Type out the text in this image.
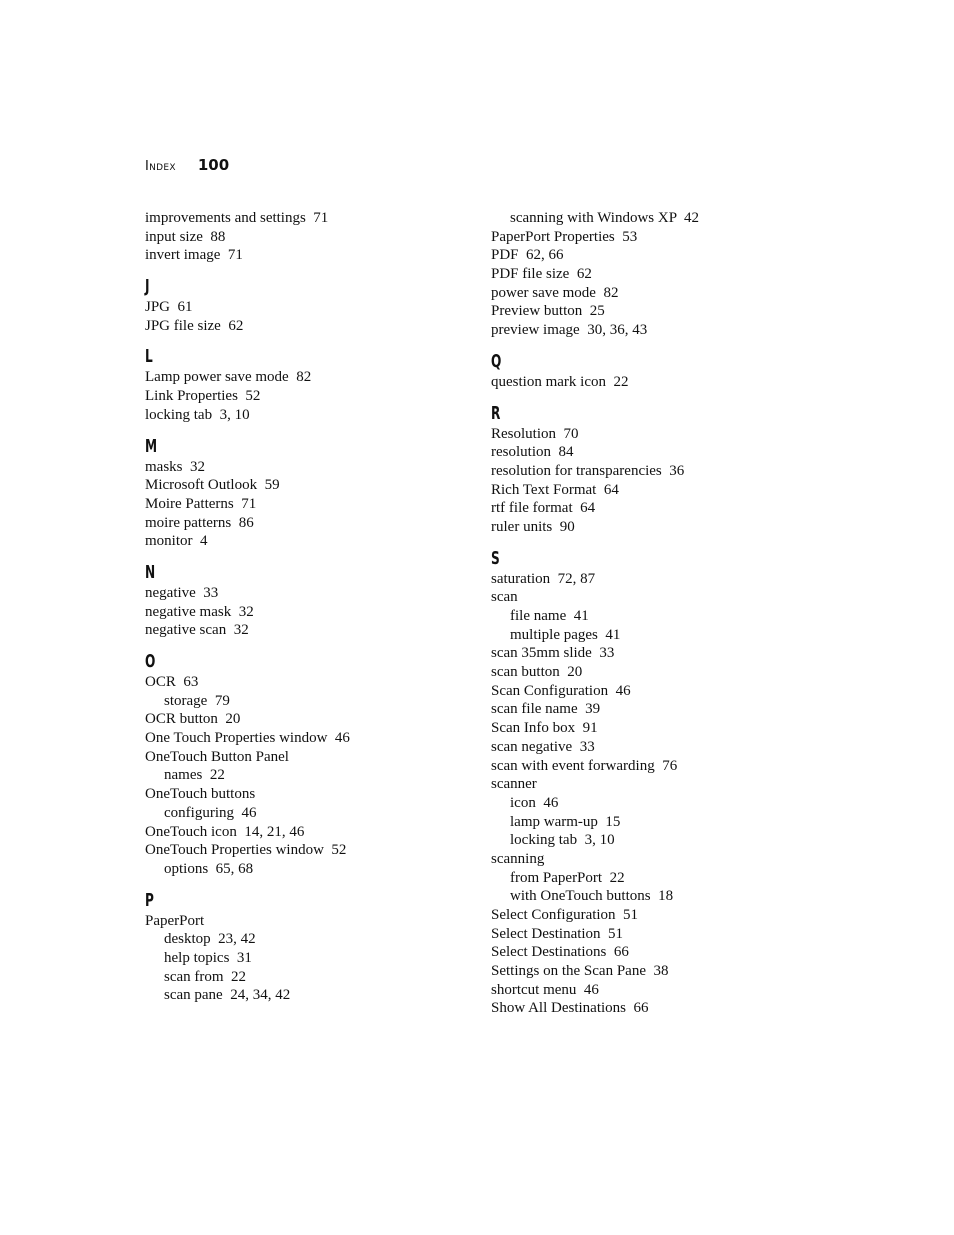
Index 100
improvements and settings  71
input size  88
invert image  71
J
JPG  61
JPG file size  62
L
Lamp power save mode  82
Link Properties  52
locking tab  3, 10
M
masks  32
Microsoft Outlook  59
Moire Patterns  71
moire patterns  86
monitor  4
N
negative  33
negative mask  32
negative scan  32
O
OCR  63
storage  79
OCR button  20
One Touch Properties window  46
OneTouch Button Panel
names  22
OneTouch buttons
configuring  46
OneTouch icon  14, 21, 46
OneTouch Properties window  52
options  65, 68
P
PaperPort
desktop  23, 42
help topics  31
scan from  22
scan pane  24, 34, 42
scanning with Windows XP  42
PaperPort Properties  53
PDF  62, 66
PDF file size  62
power save mode  82
Preview button  25
preview image  30, 36, 43
Q
question mark icon  22
R
Resolution  70
resolution  84
resolution for transparencies  36
Rich Text Format  64
rtf file format  64
ruler units  90
S
saturation  72, 87
scan
file name  41
multiple pages  41
scan 35mm slide  33
scan button  20
Scan Configuration  46
scan file name  39
Scan Info box  91
scan negative  33
scan with event forwarding  76
scanner
icon  46
lamp warm-up  15
locking tab  3, 10
scanning
from PaperPort  22
with OneTouch buttons  18
Select Configuration  51
Select Destination  51
Select Destinations  66
Settings on the Scan Pane  38
shortcut menu  46
Show All Destinations  66
